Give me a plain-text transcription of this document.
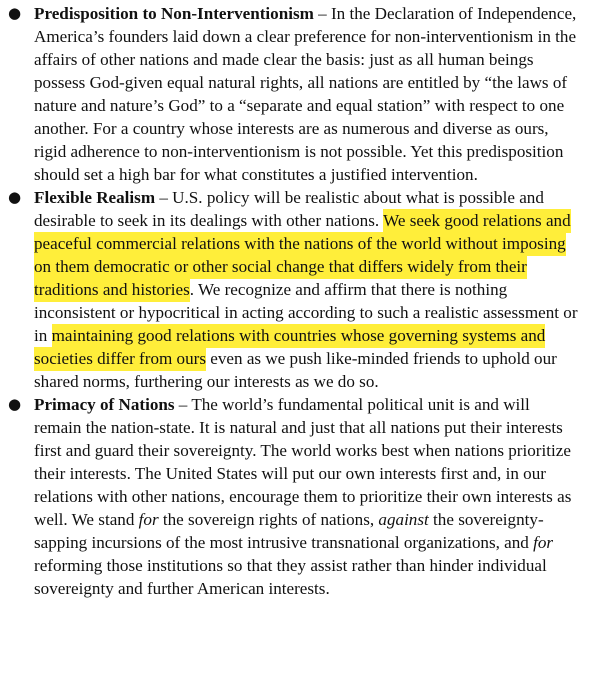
● Predisposition to Non-Interventionism – In the Declaration of Independence, America’s founders laid down a clear preference for non-interventionism in the affairs of other nations and made clear the basis: just as all human beings possess God-given equal natural rights, all nations are entitled by “the laws of nature and nature’s God” to a “separate and equal station” with respect to one another. For a country whose interests are as numerous and diverse as ours, rigid adherence to non-interventionism is not possible. Yet this predisposition should set a high bar for what constitutes a justified intervention.
● Flexible Realism – U.S. policy will be realistic about what is possible and desirable to seek in its dealings with other nations. We seek good relations and peaceful commercial relations with the nations of the world without imposing on them democratic or other social change that differs widely from their traditions and histories. We recognize and affirm that there is nothing inconsistent or hypocritical in acting according to such a realistic assessment or in maintaining good relations with countries whose governing systems and societies differ from ours even as we push like-minded friends to uphold our shared norms, furthering our interests as we do so.
● Primacy of Nations – The world’s fundamental political unit is and will remain the nation-state. It is natural and just that all nations put their interests first and guard their sovereignty. The world works best when nations prioritize their interests. The United States will put our own interests first and, in our relations with other nations, encourage them to prioritize their own interests as well. We stand for the sovereign rights of nations, against the sovereignty-sapping incursions of the most intrusive transnational organizations, and for reforming those institutions so that they assist rather than hinder individual sovereignty and further American interests.
